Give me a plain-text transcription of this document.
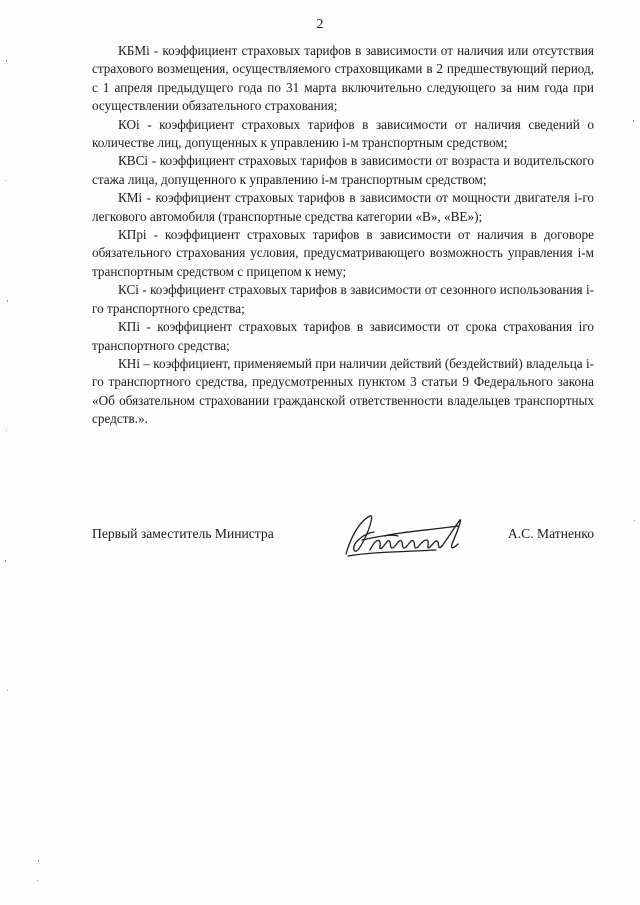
2

КБМi - коэффициент страховых тарифов в зависимости от наличия или отсутствия страхового возмещения, осуществляемого страховщиками в 2 предшествующий период, с 1 апреля предыдущего года по 31 марта включительно следующего за ним года при осуществлении обязательного страхования;

КОi - коэффициент страховых тарифов в зависимости от наличия сведений о количестве лиц, допущенных к управлению i-м транспортным средством;

КВСi - коэффициент страховых тарифов в зависимости от возраста и водительского стажа лица, допущенного к управлению i-м транспортным средством;

КМi - коэффициент страховых тарифов в зависимости от мощности двигателя i-го легкового автомобиля (транспортные средства категории «В», «ВЕ»);

КПрi - коэффициент страховых тарифов в зависимости от наличия в договоре обязательного страхования условия, предусматривающего возможность управления i-м транспортным средством с прицепом к нему;

КСi - коэффициент страховых тарифов в зависимости от сезонного использования i-го транспортного средства;

КПi - коэффициент страховых тарифов в зависимости от срока страхования iго транспортного средства;

КНi – коэффициент, применяемый при наличии действий (бездействий) владельца i-го транспортного средства, предусмотренных пунктом 3 статьи 9 Федерального закона «Об обязательном страховании гражданской ответственности владельцев транспортных средств.».

Первый заместитель Министра	А.С. Матненко
